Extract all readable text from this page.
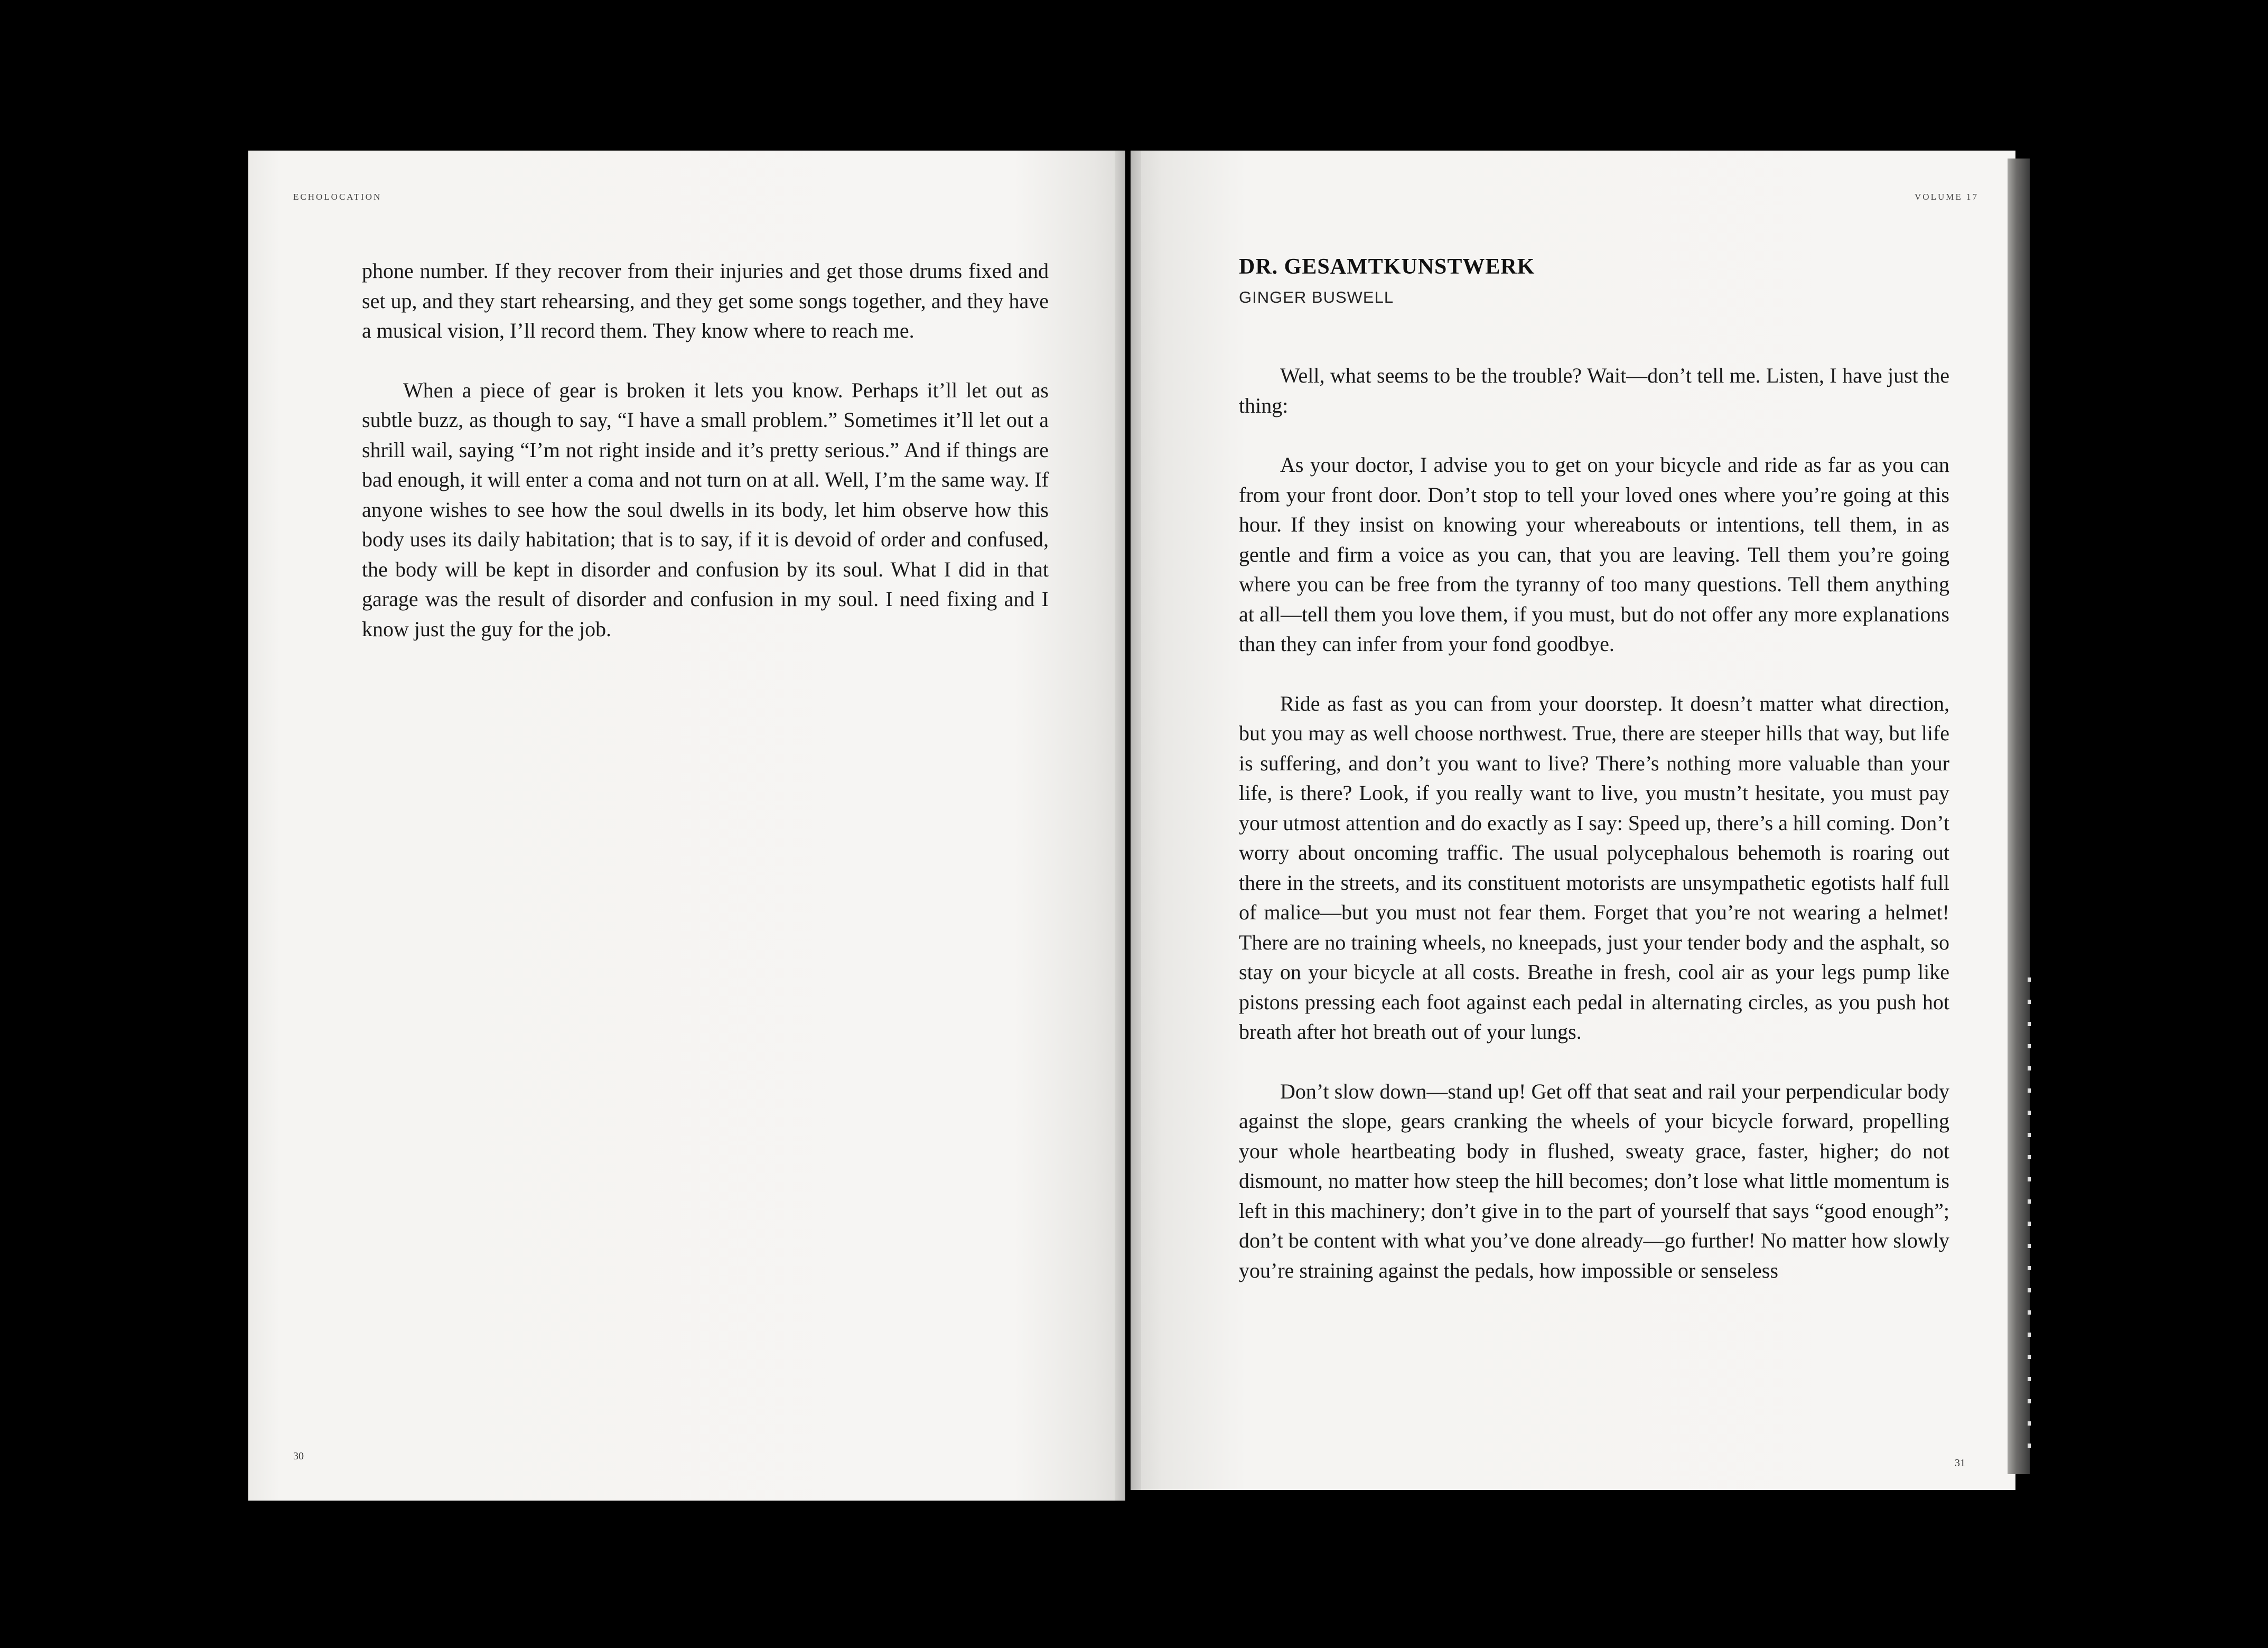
ECHOLOCATION

phone number. If they recover from their injuries and get those drums fixed and set up, and they start rehearsing, and they get some songs together, and they have a musical vision, I’ll record them. They know where to reach me.

When a piece of gear is broken it lets you know. Perhaps it’ll let out as subtle buzz, as though to say, “I have a small problem.” Sometimes it’ll let out a shrill wail, saying “I’m not right inside and it’s pretty serious.” And if things are bad enough, it will enter a coma and not turn on at all. Well, I’m the same way. If anyone wishes to see how the soul dwells in its body, let him observe how this body uses its daily habitation; that is to say, if it is devoid of order and confused, the body will be kept in disorder and confusion by its soul. What I did in that garage was the result of disorder and confusion in my soul. I need fixing and I know just the guy for the job.

30
VOLUME 17
DR. GESAMTKUNSTWERK
GINGER BUSWELL

Well, what seems to be the trouble? Wait—don’t tell me. Listen, I have just the thing:

As your doctor, I advise you to get on your bicycle and ride as far as you can from your front door. Don’t stop to tell your loved ones where you’re going at this hour. If they insist on knowing your whereabouts or intentions, tell them, in as gentle and firm a voice as you can, that you are leaving. Tell them you’re going where you can be free from the tyranny of too many questions. Tell them anything at all—tell them you love them, if you must, but do not offer any more explanations than they can infer from your fond goodbye.

Ride as fast as you can from your doorstep. It doesn’t matter what direction, but you may as well choose northwest. True, there are steeper hills that way, but life is suffering, and don’t you want to live? There’s nothing more valuable than your life, is there? Look, if you really want to live, you mustn’t hesitate, you must pay your utmost attention and do exactly as I say: Speed up, there’s a hill coming. Don’t worry about oncoming traffic. The usual polycephalous behemoth is roaring out there in the streets, and its constituent motorists are unsympathetic egotists half full of malice—but you must not fear them. Forget that you’re not wearing a helmet! There are no training wheels, no kneepads, just your tender body and the asphalt, so stay on your bicycle at all costs. Breathe in fresh, cool air as your legs pump like pistons pressing each foot against each pedal in alternating circles, as you push hot breath after hot breath out of your lungs.

Don’t slow down—stand up! Get off that seat and rail your perpendicular body against the slope, gears cranking the wheels of your bicycle forward, propelling your whole heartbeating body in flushed, sweaty grace, faster, higher; do not dismount, no matter how steep the hill becomes; don’t lose what little momentum is left in this machinery; don’t give in to the part of yourself that says “good enough”; don’t be content with what you’ve done already—go further! No matter how slowly you’re straining against the pedals, how impossible or senseless

31
